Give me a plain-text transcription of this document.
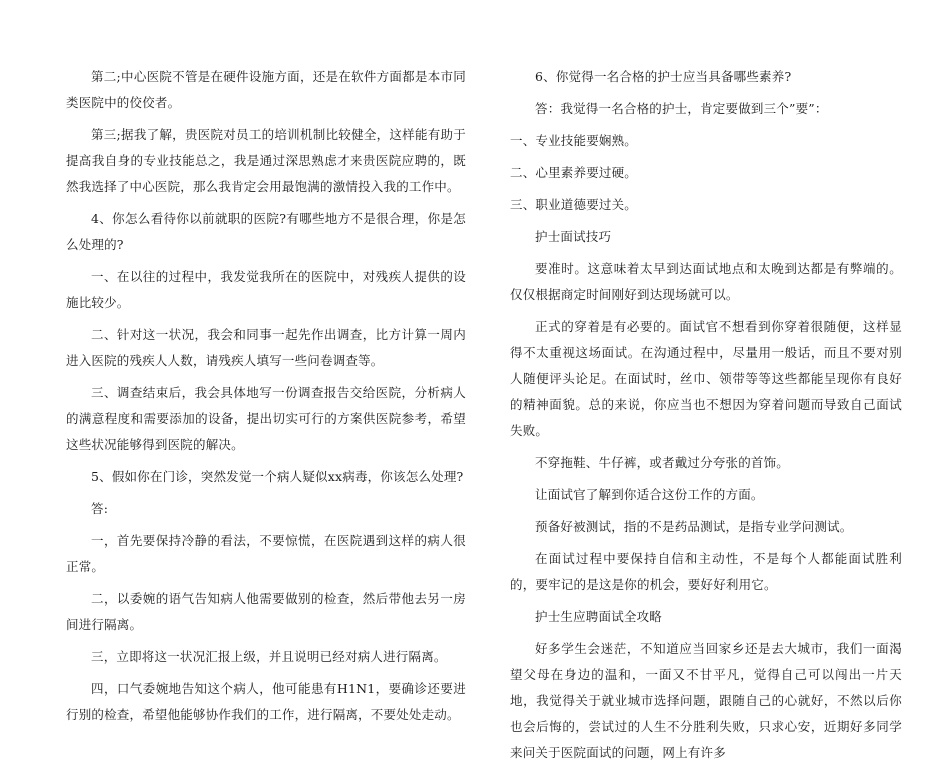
第二;中心医院不管是在硬件设施方面，还是在软件方面都是本市同类医院中的佼佼者。

第三;据我了解，贵医院对员工的培训机制比较健全，这样能有助于提高我自身的专业技能总之，我是通过深思熟虑才来贵医院应聘的，既然我选择了中心医院，那么我肯定会用最饱满的激情投入我的工作中。

4、你怎么看待你以前就职的医院?有哪些地方不是很合理，你是怎么处理的?

一、在以往的过程中，我发觉我所在的医院中，对残疾人提供的设施比较少。

二、针对这一状况，我会和同事一起先作出调查，比方计算一周内进入医院的残疾人人数，请残疾人填写一些问卷调查等。

三、调查结束后，我会具体地写一份调查报告交给医院，分析病人的满意程度和需要添加的设备，提出切实可行的方案供医院参考，希望这些状况能够得到医院的解决。

5、假如你在门诊，突然发觉一个病人疑似xx病毒，你该怎么处理?

答:

一，首先要保持冷静的看法，不要惊慌，在医院遇到这样的病人很正常。

二，以委婉的语气告知病人他需要做别的检查，然后带他去另一房间进行隔离。

三，立即将这一状况汇报上级，并且说明已经对病人进行隔离。

四，口气委婉地告知这个病人，他可能患有H1N1，要确诊还要进行别的检查，希望他能够协作我们的工作，进行隔离，不要处处走动。

6、你觉得一名合格的护士应当具备哪些素养?

答：我觉得一名合格的护士，肯定要做到三个”要”：

一、专业技能要娴熟。

二、心里素养要过硬。

三、职业道德要过关。

护士面试技巧

要准时。这意味着太早到达面试地点和太晚到达都是有弊端的。仅仅根据商定时间刚好到达现场就可以。

正式的穿着是有必要的。面试官不想看到你穿着很随便，这样显得不太重视这场面试。在沟通过程中，尽量用一般话，而且不要对别人随便评头论足。在面试时，丝巾、领带等等这些都能呈现你有良好的精神面貌。总的来说，你应当也不想因为穿着问题而导致自己面试失败。

不穿拖鞋、牛仔裤，或者戴过分夸张的首饰。

让面试官了解到你适合这份工作的方面。

预备好被测试，指的不是药品测试，是指专业学问测试。

在面试过程中要保持自信和主动性，不是每个人都能面试胜利的，要牢记的是这是你的机会，要好好利用它。

护士生应聘面试全攻略

好多学生会迷茫，不知道应当回家乡还是去大城市，我们一面渴望父母在身边的温和，一面又不甘平凡，觉得自己可以闯出一片天地，我觉得关于就业城市选择问题，跟随自己的心就好，不然以后你也会后悔的，尝试过的人生不分胜利失败，只求心安，近期好多同学来问关于医院面试的问题，网上有许多
